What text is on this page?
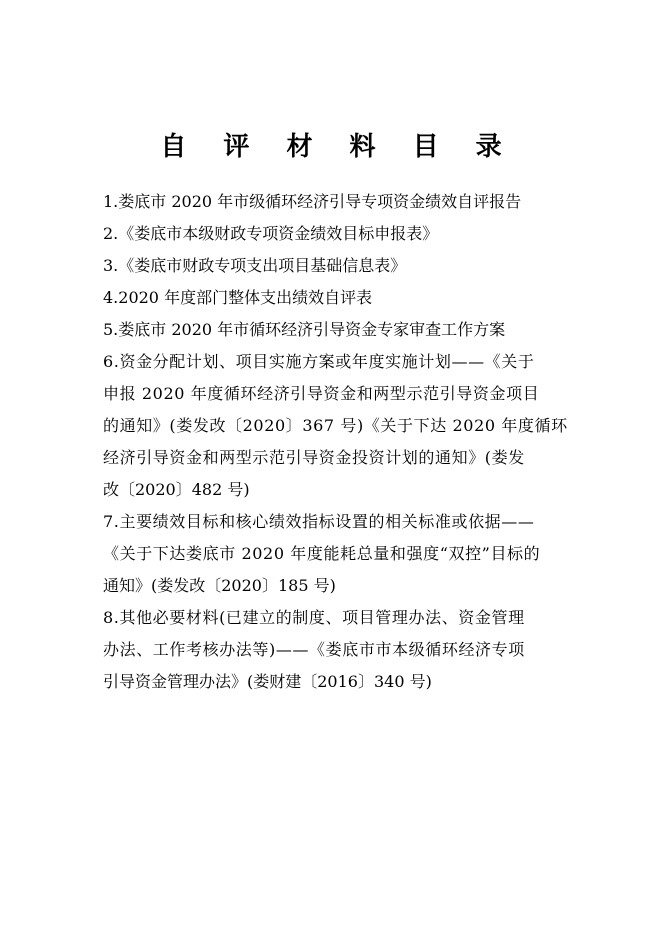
自 评 材 料 目 录
1.娄底市 2020 年市级循环经济引导专项资金绩效自评报告
2.《娄底市本级财政专项资金绩效目标申报表》
3.《娄底市财政专项支出项目基础信息表》
4.2020 年度部门整体支出绩效自评表
5.娄底市 2020 年市循环经济引导资金专家审查工作方案
6.资金分配计划、项目实施方案或年度实施计划——《关于
申报 2020 年度循环经济引导资金和两型示范引导资金项目
的通知》(娄发改〔2020〕367 号)《关于下达 2020 年度循环
经济引导资金和两型示范引导资金投资计划的通知》(娄发
改〔2020〕482 号)
7.主要绩效目标和核心绩效指标设置的相关标准或依据——
《关于下达娄底市 2020 年度能耗总量和强度“双控”目标的
通知》(娄发改〔2020〕185 号)
8.其他必要材料(已建立的制度、项目管理办法、资金管理
办法、工作考核办法等)——《娄底市市本级循环经济专项
引导资金管理办法》(娄财建〔2016〕340 号)
